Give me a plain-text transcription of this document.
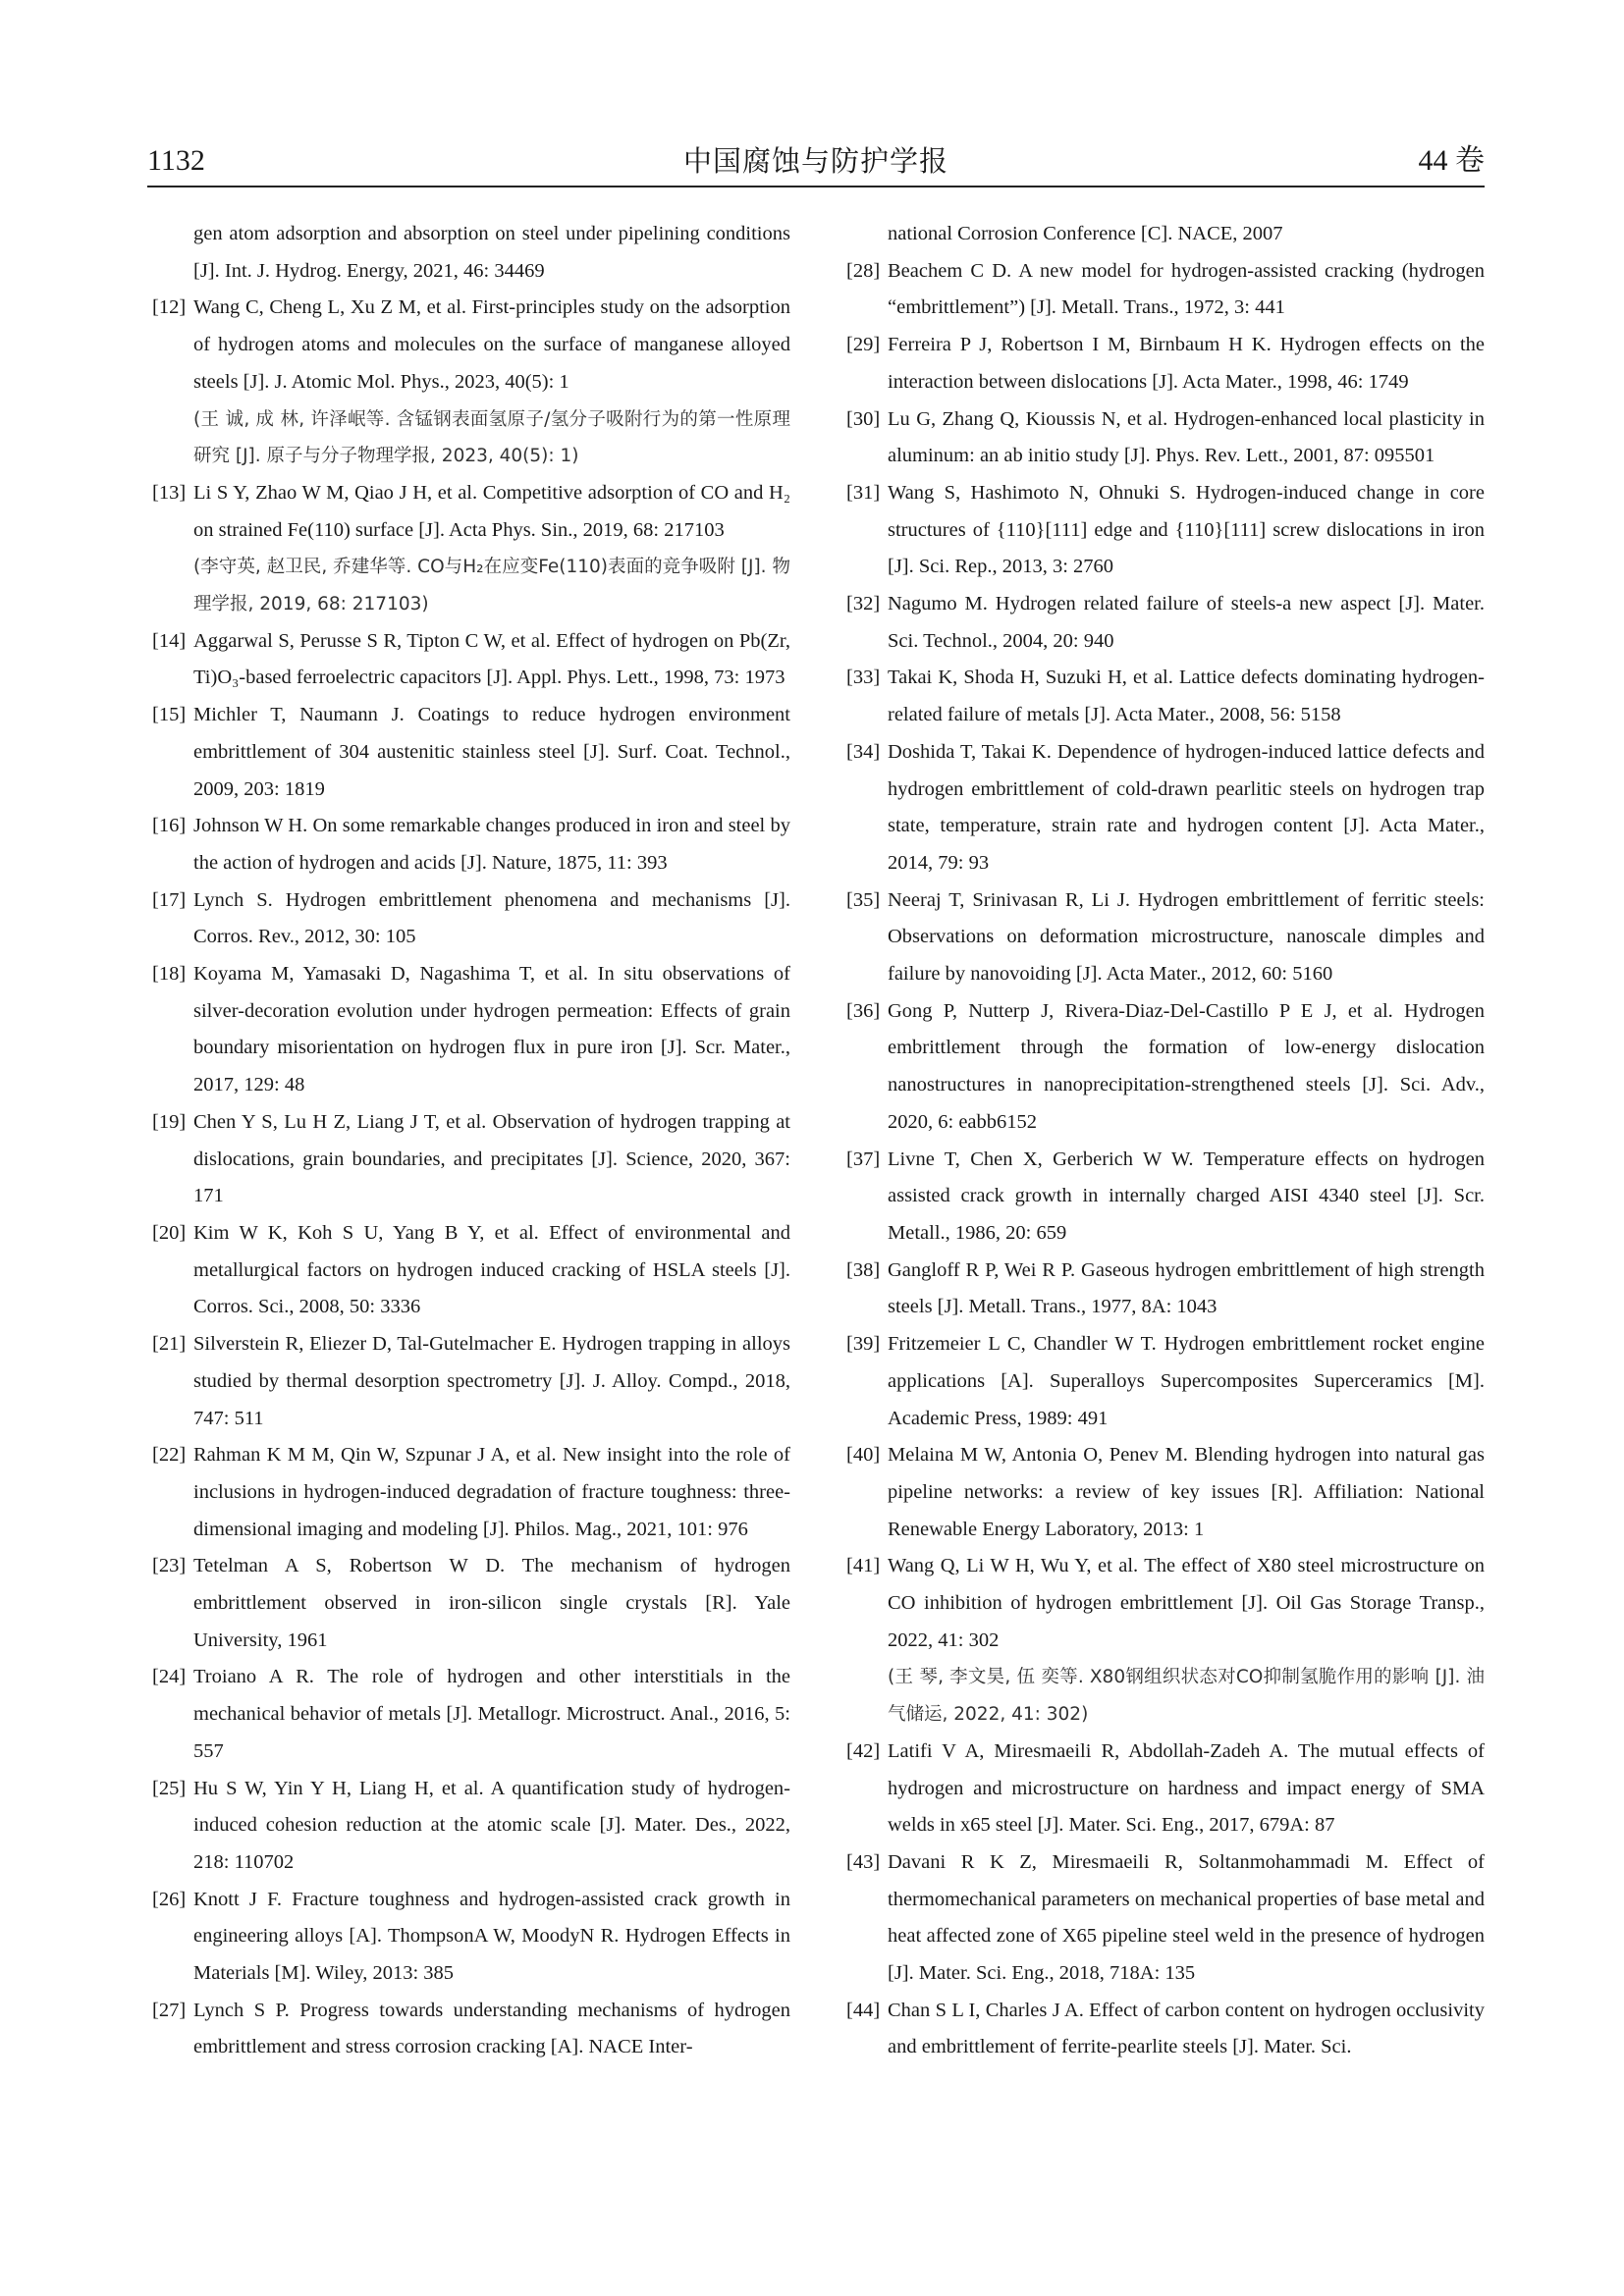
1132	中国腐蚀与防护学报	44 卷
gen atom adsorption and absorption on steel under pipelining conditions [J]. Int. J. Hydrog. Energy, 2021, 46: 34469
[12] Wang C, Cheng L, Xu Z M, et al. First-principles study on the adsorption of hydrogen atoms and molecules on the surface of manganese alloyed steels [J]. J. Atomic Mol. Phys., 2023, 40(5): 1
(王 诚, 成 林, 许泽岷等. 含锰钢表面氢原子/氢分子吸附行为的第一性原理研究 [J]. 原子与分子物理学报, 2023, 40(5): 1)
[13] Li S Y, Zhao W M, Qiao J H, et al. Competitive adsorption of CO and H₂ on strained Fe(110) surface [J]. Acta Phys. Sin., 2019, 68: 217103
(李守英, 赵卫民, 乔建华等. CO与H₂在应变Fe(110)表面的竞争吸附 [J]. 物理学报, 2019, 68: 217103)
[14] Aggarwal S, Perusse S R, Tipton C W, et al. Effect of hydrogen on Pb(Zr, Ti)O₃-based ferroelectric capacitors [J]. Appl. Phys. Lett., 1998, 73: 1973
[15] Michler T, Naumann J. Coatings to reduce hydrogen environment embrittlement of 304 austenitic stainless steel [J]. Surf. Coat. Technol., 2009, 203: 1819
[16] Johnson W H. On some remarkable changes produced in iron and steel by the action of hydrogen and acids [J]. Nature, 1875, 11: 393
[17] Lynch S. Hydrogen embrittlement phenomena and mechanisms [J]. Corros. Rev., 2012, 30: 105
[18] Koyama M, Yamasaki D, Nagashima T, et al. In situ observations of silver-decoration evolution under hydrogen permeation: Effects of grain boundary misorientation on hydrogen flux in pure iron [J]. Scr. Mater., 2017, 129: 48
[19] Chen Y S, Lu H Z, Liang J T, et al. Observation of hydrogen trapping at dislocations, grain boundaries, and precipitates [J]. Science, 2020, 367: 171
[20] Kim W K, Koh S U, Yang B Y, et al. Effect of environmental and metallurgical factors on hydrogen induced cracking of HSLA steels [J]. Corros. Sci., 2008, 50: 3336
[21] Silverstein R, Eliezer D, Tal-Gutelmacher E. Hydrogen trapping in alloys studied by thermal desorption spectrometry [J]. J. Alloy. Compd., 2018, 747: 511
[22] Rahman K M M, Qin W, Szpunar J A, et al. New insight into the role of inclusions in hydrogen-induced degradation of fracture toughness: three-dimensional imaging and modeling [J]. Philos. Mag., 2021, 101: 976
[23] Tetelman A S, Robertson W D. The mechanism of hydrogen embrittlement observed in iron-silicon single crystals [R]. Yale University, 1961
[24] Troiano A R. The role of hydrogen and other interstitials in the mechanical behavior of metals [J]. Metallogr. Microstruct. Anal., 2016, 5: 557
[25] Hu S W, Yin Y H, Liang H, et al. A quantification study of hydrogen-induced cohesion reduction at the atomic scale [J]. Mater. Des., 2022, 218: 110702
[26] Knott J F. Fracture toughness and hydrogen-assisted crack growth in engineering alloys [A]. ThompsonA W, MoodyN R. Hydrogen Effects in Materials [M]. Wiley, 2013: 385
[27] Lynch S P. Progress towards understanding mechanisms of hydrogen embrittlement and stress corrosion cracking [A]. NACE Inter-
national Corrosion Conference [C]. NACE, 2007
[28] Beachem C D. A new model for hydrogen-assisted cracking (hydrogen “embrittlement”) [J]. Metall. Trans., 1972, 3: 441
[29] Ferreira P J, Robertson I M, Birnbaum H K. Hydrogen effects on the interaction between dislocations [J]. Acta Mater., 1998, 46: 1749
[30] Lu G, Zhang Q, Kioussis N, et al. Hydrogen-enhanced local plasticity in aluminum: an ab initio study [J]. Phys. Rev. Lett., 2001, 87: 095501
[31] Wang S, Hashimoto N, Ohnuki S. Hydrogen-induced change in core structures of {110}[111] edge and {110}[111] screw dislocations in iron [J]. Sci. Rep., 2013, 3: 2760
[32] Nagumo M. Hydrogen related failure of steels-a new aspect [J]. Mater. Sci. Technol., 2004, 20: 940
[33] Takai K, Shoda H, Suzuki H, et al. Lattice defects dominating hydrogen-related failure of metals [J]. Acta Mater., 2008, 56: 5158
[34] Doshida T, Takai K. Dependence of hydrogen-induced lattice defects and hydrogen embrittlement of cold-drawn pearlitic steels on hydrogen trap state, temperature, strain rate and hydrogen content [J]. Acta Mater., 2014, 79: 93
[35] Neeraj T, Srinivasan R, Li J. Hydrogen embrittlement of ferritic steels: Observations on deformation microstructure, nanoscale dimples and failure by nanovoiding [J]. Acta Mater., 2012, 60: 5160
[36] Gong P, Nutterp J, Rivera-Diaz-Del-Castillo P E J, et al. Hydrogen embrittlement through the formation of low-energy dislocation nanostructures in nanoprecipitation-strengthened steels [J]. Sci. Adv., 2020, 6: eabb6152
[37] Livne T, Chen X, Gerberich W W. Temperature effects on hydrogen assisted crack growth in internally charged AISI 4340 steel [J]. Scr. Metall., 1986, 20: 659
[38] Gangloff R P, Wei R P. Gaseous hydrogen embrittlement of high strength steels [J]. Metall. Trans., 1977, 8A: 1043
[39] Fritzemeier L C, Chandler W T. Hydrogen embrittlement rocket engine applications [A]. Superalloys Supercomposites Superceramics [M]. Academic Press, 1989: 491
[40] Melaina M W, Antonia O, Penev M. Blending hydrogen into natural gas pipeline networks: a review of key issues [R]. Affiliation: National Renewable Energy Laboratory, 2013: 1
[41] Wang Q, Li W H, Wu Y, et al. The effect of X80 steel microstructure on CO inhibition of hydrogen embrittlement [J]. Oil Gas Storage Transp., 2022, 41: 302
(王 琴, 李文昊, 伍 奕等. X80钢组织状态对CO抑制氢脆作用的影响 [J]. 油气储运, 2022, 41: 302)
[42] Latifi V A, Miresmaeili R, Abdollah-Zadeh A. The mutual effects of hydrogen and microstructure on hardness and impact energy of SMA welds in x65 steel [J]. Mater. Sci. Eng., 2017, 679A: 87
[43] Davani R K Z, Miresmaeili R, Soltanmohammadi M. Effect of thermomechanical parameters on mechanical properties of base metal and heat affected zone of X65 pipeline steel weld in the presence of hydrogen [J]. Mater. Sci. Eng., 2018, 718A: 135
[44] Chan S L I, Charles J A. Effect of carbon content on hydrogen occlusivity and embrittlement of ferrite-pearlite steels [J]. Mater. Sci.
